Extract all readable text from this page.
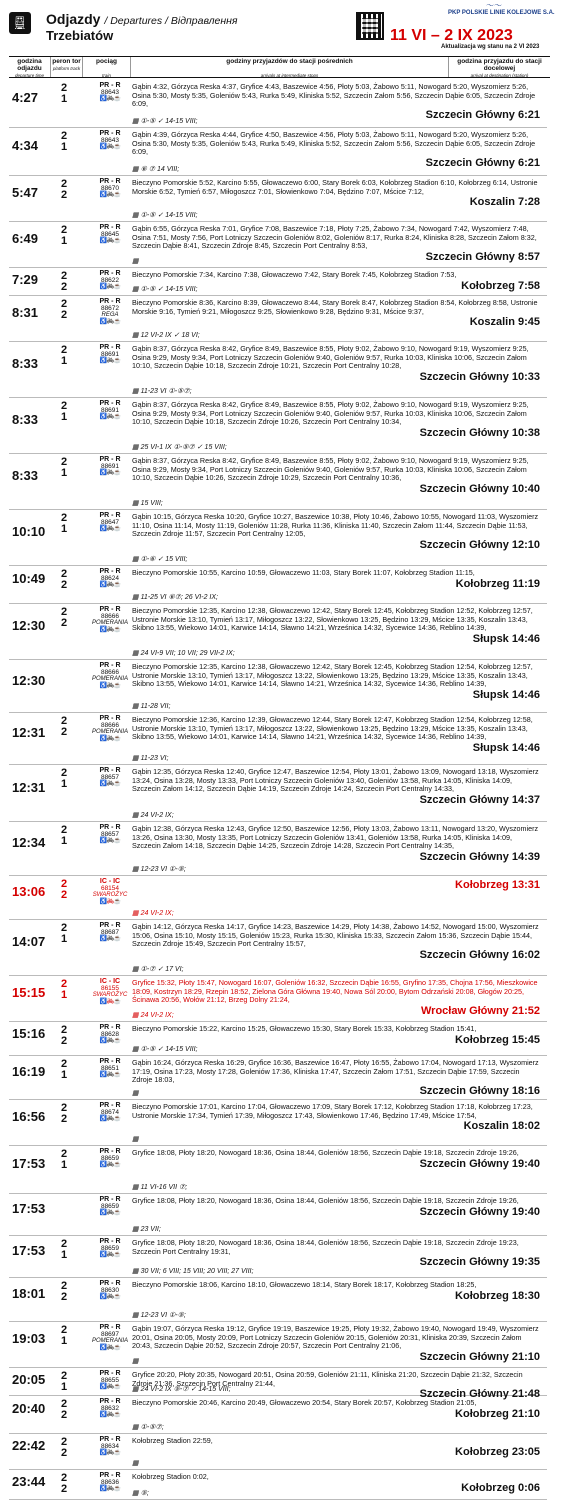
🚆︎ Odjazdy / Departures / Відправлення
Trzebiatów
〜〜
PKP POLSKIE LINIE KOLEJOWE S.A.
11 VI – 2 IX 2023
Aktualizacja wg stanu na 2 VI 2023
godzina odjazdu
departure time
peron tor
platform track
pociąg

train
godziny przyjazdów do stacji pośrednich

arrivals at intermediate stops
godzina przyjazdu do stacji docelowej
arrival at destination (station)
4:27
2
1
PR - R
88643
♿🚲︎☕
Gąbin 4:32, Górzyca Reska 4:37, Gryfice 4:43, Baszewice 4:56, Płoty 5:03, Żabowo 5:11, Nowogard 5:20, Wyszomierz 5:26, Osina 5:30, Mosty 5:35, Goleniów 5:43, Rurka 5:49, Kliniska 5:52, Szczecin Załom 5:56, Szczecin Dąbie 6:05, Szczecin Zdroje 6:09,
Szczecin Główny 6:21
▦ ①-⑤ ✓ 14-15 VIII;
4:34
2
1
PR - R
88643
♿🚲︎☕
Gąbin 4:39, Górzyca Reska 4:44, Gryfice 4:50, Baszewice 4:56, Płoty 5:03, Żabowo 5:11, Nowogard 5:20, Wyszomierz 5:26, Osina 5:30, Mosty 5:35, Goleniów 5:43, Rurka 5:49, Kliniska 5:52, Szczecin Załom 5:56, Szczecin Dąbie 6:05, Szczecin Zdroje 6:09,
Szczecin Główny 6:21
▦ ⑥ ⑦ 14 VIII;
5:47
2
2
PR - R
88670
♿🚲︎☕
Bieczyno Pomorskie 5:52, Karcino 5:55, Głowaczewo 6:00, Stary Borek 6:03, Kołobrzeg Stadion 6:10, Kołobrzeg 6:14, Ustronie Morskie 6:52, Tymień 6:57, Miłogoszcz 7:01, Słowienkowo 7:04, Będzino 7:07, Mścice 7:12,
Koszalin 7:28
▦ ①-⑤ ✓ 14-15 VIII;
6:49
2
1
PR - R
88645
♿🚲︎☕
Gąbin 6:55, Górzyca Reska 7:01, Gryfice 7:08, Baszewice 7:18, Płoty 7:25, Żabowo 7:34, Nowogard 7:42, Wyszomierz 7:48, Osina 7:51, Mosty 7:56, Port Lotniczy Szczecin Goleniów 8:02, Goleniów 8:17, Rurka 8:24, Kliniska 8:28, Szczecin Załom 8:32, Szczecin Dąbie 8:41, Szczecin Zdroje 8:45, Szczecin Port Centralny 8:53,
Szczecin Główny 8:57
▦
7:29 2
2
PR - R
88622
♿🚲︎☕
Bieczyno Pomorskie 7:34, Karcino 7:38, Głowaczewo 7:42, Stary Borek 7:45, Kołobrzeg Stadion 7:53,
Kołobrzeg 7:58
▦ ①-⑤ ✓ 14-15 VIII;
8:31
2
2
PR - R
88672
REGA
♿🚲︎☕
Bieczyno Pomorskie 8:36, Karcino 8:39, Głowaczewo 8:44, Stary Borek 8:47, Kołobrzeg Stadion 8:54, Kołobrzeg 8:58, Ustronie Morskie 9:16, Tymień 9:21, Miłogoszcz 9:25, Słowienkowo 9:28, Będzino 9:31, Mścice 9:37,
Koszalin 9:45
▦ 12 VI-2 IX ✓ 18 VI;
8:33
2
1
PR - R
88691
♿🚲︎☕
Gąbin 8:37, Górzyca Reska 8:42, Gryfice 8:49, Baszewice 8:55, Płoty 9:02, Żabowo 9:10, Nowogard 9:19, Wyszomierz 9:25, Osina 9:29, Mosty 9:34, Port Lotniczy Szczecin Goleniów 9:40, Goleniów 9:57, Rurka 10:03, Kliniska 10:06, Szczecin Załom 10:10, Szczecin Dąbie 10:18, Szczecin Zdroje 10:21, Szczecin Port Centralny 10:28,
Szczecin Główny 10:33
▦ 11-23 VI ①-⑤⑦;
8:33
2
1
PR - R
88691
♿🚲︎☕
Gąbin 8:37, Górzyca Reska 8:42, Gryfice 8:49, Baszewice 8:55, Płoty 9:02, Żabowo 9:10, Nowogard 9:19, Wyszomierz 9:25, Osina 9:29, Mosty 9:34, Port Lotniczy Szczecin Goleniów 9:40, Goleniów 9:57, Rurka 10:03, Kliniska 10:06, Szczecin Załom 10:10, Szczecin Dąbie 10:18, Szczecin Zdroje 10:26, Szczecin Port Centralny 10:34,
Szczecin Główny 10:38
▦ 25 VI-1 IX ①-⑤⑦ ✓ 15 VIII;
8:33
2
1
PR - R
88691
♿🚲︎☕
Gąbin 8:37, Górzyca Reska 8:42, Gryfice 8:49, Baszewice 8:55, Płoty 9:02, Żabowo 9:10, Nowogard 9:19, Wyszomierz 9:25, Osina 9:29, Mosty 9:34, Port Lotniczy Szczecin Goleniów 9:40, Goleniów 9:57, Rurka 10:03, Kliniska 10:06, Szczecin Załom 10:10, Szczecin Dąbie 10:26, Szczecin Zdroje 10:29, Szczecin Port Centralny 10:36,
Szczecin Główny 10:40
▦ 15 VIII;
10:10
2
1
PR - R
88647
♿🚲︎☕
Gąbin 10:15, Górzyca Reska 10:20, Gryfice 10:27, Baszewice 10:38, Płoty 10:46, Żabowo 10:55, Nowogard 11:03, Wyszomierz 11:10, Osina 11:14, Mosty 11:19, Goleniów 11:28, Rurka 11:36, Kliniska 11:40, Szczecin Załom 11:44, Szczecin Dąbie 11:53, Szczecin Zdroje 11:57, Szczecin Port Centralny 12:05,
Szczecin Główny 12:10
▦ ①-⑥ ✓ 15 VIII;
10:49 2
2
PR - R
88624
♿🚲︎☕
Bieczyno Pomorskie 10:55, Karcino 10:59, Głowaczewo 11:03, Stary Borek 11:07, Kołobrzeg Stadion 11:15,
Kołobrzeg 11:19
▦ 11-25 VI ⑥⑦; 26 VI-2 IX;
12:30
2
2
PR - R
88666
POMERANIA
♿🚲︎☕
Bieczyno Pomorskie 12:35, Karcino 12:38, Głowaczewo 12:42, Stary Borek 12:45, Kołobrzeg Stadion 12:52, Kołobrzeg 12:57, Ustronie Morskie 13:10, Tymień 13:17, Miłogoszcz 13:22, Słowienkowo 13:25, Będzino 13:29, Mścice 13:35, Koszalin 13:43, Skibno 13:55, Wiekowo 14:01, Karwice 14:14, Sławno 14:21, Wrześnica 14:32, Sycewice 14:36, Reblino 14:39,
Słupsk 14:46
▦ 24 VI-9 VII; 10 VII; 29 VII-2 IX;
12:30

PR - R
88666
POMERANIA
♿🚲︎☕
Bieczyno Pomorskie 12:35, Karcino 12:38, Głowaczewo 12:42, Stary Borek 12:45, Kołobrzeg Stadion 12:54, Kołobrzeg 12:57, Ustronie Morskie 13:10, Tymień 13:17, Miłogoszcz 13:22, Słowienkowo 13:25, Będzino 13:29, Mścice 13:35, Koszalin 13:43, Skibno 13:55, Wiekowo 14:01, Karwice 14:14, Sławno 14:21, Wrześnica 14:32, Sycewice 14:36, Reblino 14:39,
Słupsk 14:46
▦ 11-28 VII;
12:31
2
2
PR - R
88666
POMERANIA
♿🚲︎☕
Bieczyno Pomorskie 12:36, Karcino 12:39, Głowaczewo 12:44, Stary Borek 12:47, Kołobrzeg Stadion 12:54, Kołobrzeg 12:58, Ustronie Morskie 13:10, Tymień 13:17, Miłogoszcz 13:22, Słowienkowo 13:25, Będzino 13:29, Mścice 13:35, Koszalin 13:43, Skibno 13:55, Wiekowo 14:01, Karwice 14:14, Sławno 14:21, Wrześnica 14:32, Sycewice 14:36, Reblino 14:39,
Słupsk 14:46
▦ 11-23 VI;
12:31
2
1
PR - R
88657
♿🚲︎☕
Gąbin 12:35, Górzyca Reska 12:40, Gryfice 12:47, Baszewice 12:54, Płoty 13:01, Żabowo 13:09, Nowogard 13:18, Wyszomierz 13:24, Osina 13:28, Mosty 13:33, Port Lotniczy Szczecin Goleniów 13:40, Goleniów 13:58, Rurka 14:05, Kliniska 14:09, Szczecin Załom 14:12, Szczecin Dąbie 14:19, Szczecin Zdroje 14:24, Szczecin Port Centralny 14:33,
Szczecin Główny 14:37
▦ 24 VI-2 IX;
12:34
2
1
PR - R
88657
♿🚲︎☕
Gąbin 12:38, Górzyca Reska 12:43, Gryfice 12:50, Baszewice 12:56, Płoty 13:03, Żabowo 13:11, Nowogard 13:20, Wyszomierz 13:26, Osina 13:30, Mosty 13:35, Port Lotniczy Szczecin Goleniów 13:41, Goleniów 13:58, Rurka 14:05, Kliniska 14:09, Szczecin Załom 14:18, Szczecin Dąbie 14:25, Szczecin Zdroje 14:28, Szczecin Port Centralny 14:35,
Szczecin Główny 14:39
▦ 12-23 VI ①-⑤;
13:06 2
2
IC - IC
68154
SWAROŻYC
♿🚲︎☕
Kołobrzeg 13:31
▦ 24 VI-2 IX;
14:07
2
1
PR - R
88687
♿🚲︎☕
Gąbin 14:12, Górzyca Reska 14:17, Gryfice 14:23, Baszewice 14:29, Płoty 14:38, Żabowo 14:52, Nowogard 15:00, Wyszomierz 15:06, Osina 15:10, Mosty 15:15, Goleniów 15:23, Rurka 15:30, Kliniska 15:33, Szczecin Załom 15:36, Szczecin Dąbie 15:44, Szczecin Zdroje 15:49, Szczecin Port Centralny 15:57,
Szczecin Główny 16:02
▦ ①-⑦ ✓ 17 VI;
15:15
2
1
IC - IC
86155
SWAROŻYC
♿🚲︎☕
Gryfice 15:32, Płoty 15:47, Nowogard 16:07, Goleniów 16:32, Szczecin Dąbie 16:55, Gryfino 17:35, Chojna 17:56, Mieszkowice 18:09, Kostrzyn 18:29, Rzepin 18:52, Zielona Góra Główna 19:40, Nowa Sól 20:00, Bytom Odrzański 20:08, Głogów 20:25, Ścinawa 20:56, Wołów 21:12, Brzeg Dolny 21:24,
Wrocław Główny 21:52
▦ 24 VI-2 IX;
15:16 2
2
PR - R
88628
♿🚲︎☕
Bieczyno Pomorskie 15:22, Karcino 15:25, Głowaczewo 15:30, Stary Borek 15:33, Kołobrzeg Stadion 15:41,
Kołobrzeg 15:45
▦ ①-⑤ ✓ 14-15 VIII;
16:19 2
1
PR - R
88651
♿🚲︎☕
Gąbin 16:24, Górzyca Reska 16:29, Gryfice 16:36, Baszewice 16:47, Płoty 16:55, Żabowo 17:04, Nowogard 17:13, Wyszomierz 17:19, Osina 17:23, Mosty 17:28, Goleniów 17:36, Kliniska 17:47, Szczecin Załom 17:51, Szczecin Dąbie 17:59, Szczecin Zdroje 18:03,
Szczecin Główny 18:16
▦
16:56
2
2
PR - R
88674
♿🚲︎☕
Bieczyno Pomorskie 17:01, Karcino 17:04, Głowaczewo 17:09, Stary Borek 17:12, Kołobrzeg Stadion 17:18, Kołobrzeg 17:23, Ustronie Morskie 17:34, Tymień 17:39, Miłogoszcz 17:43, Słowienkowo 17:46, Będzino 17:49, Mścice 17:54,
Koszalin 18:02
▦
17:53
2
1
PR - R
88659
♿🚲︎☕
Gryfice 18:08, Płoty 18:20, Nowogard 18:36, Osina 18:44, Goleniów 18:56, Szczecin Dąbie 19:18, Szczecin Zdroje 19:26,
Szczecin Główny 19:40
▦ 11 VI-16 VII ⑦;
17:53

PR - R
88659
♿🚲︎☕
Gryfice 18:08, Płoty 18:20, Nowogard 18:36, Osina 18:44, Goleniów 18:56, Szczecin Dąbie 19:18, Szczecin Zdroje 19:26,
Szczecin Główny 19:40
▦ 23 VII;
17:53 2
1
PR - R
88659
♿🚲︎☕
Gryfice 18:08, Płoty 18:20, Nowogard 18:36, Osina 18:44, Goleniów 18:56, Szczecin Dąbie 19:18, Szczecin Zdroje 19:23, Szczecin Port Centralny 19:31,
Szczecin Główny 19:35
▦ 30 VII; 6 VIII; 15 VIII; 20 VIII; 27 VIII;
18:01 2
2
PR - R
88630
♿🚲︎☕
Bieczyno Pomorskie 18:06, Karcino 18:10, Głowaczewo 18:14, Stary Borek 18:17, Kołobrzeg Stadion 18:25,
Kołobrzeg 18:30
▦ 12-23 VI ①-⑤;
19:03
2
1
PR - R
88697
POMERANIA
♿🚲︎☕
Gąbin 19:07, Górzyca Reska 19:12, Gryfice 19:19, Baszewice 19:25, Płoty 19:32, Żabowo 19:40, Nowogard 19:49, Wyszomierz 20:01, Osina 20:05, Mosty 20:09, Port Lotniczy Szczecin Goleniów 20:15, Goleniów 20:31, Kliniska 20:39, Szczecin Załom 20:43, Szczecin Dąbie 20:52, Szczecin Zdroje 20:57, Szczecin Port Centralny 21:06,
Szczecin Główny 21:10
▦
20:05 2
1
PR - R
88655
♿🚲︎☕
Gryfice 20:20, Płoty 20:35, Nowogard 20:51, Osina 20:59, Goleniów 21:11, Kliniska 21:20, Szczecin Dąbie 21:32, Szczecin Zdroje 21:36, Szczecin Port Centralny 21:44,
Szczecin Główny 21:48
▦ 24 VI-2 IX ⑤-⑦ ✓ 14-15 VIII;
20:40 2
2
PR - R
88632
♿🚲︎☕
Bieczyno Pomorskie 20:46, Karcino 20:49, Głowaczewo 20:54, Stary Borek 20:57, Kołobrzeg Stadion 21:05,
Kołobrzeg 21:10
▦ ①-⑤⑦;
22:42 2
2
PR - R
88634
♿🚲︎☕
Kołobrzeg Stadion 22:59,
Kołobrzeg 23:05
▦
23:44 2
2
PR - R
88636
♿🚲︎☕
Kołobrzeg Stadion 0:02,
Kołobrzeg 0:06
▦ ⑤;
